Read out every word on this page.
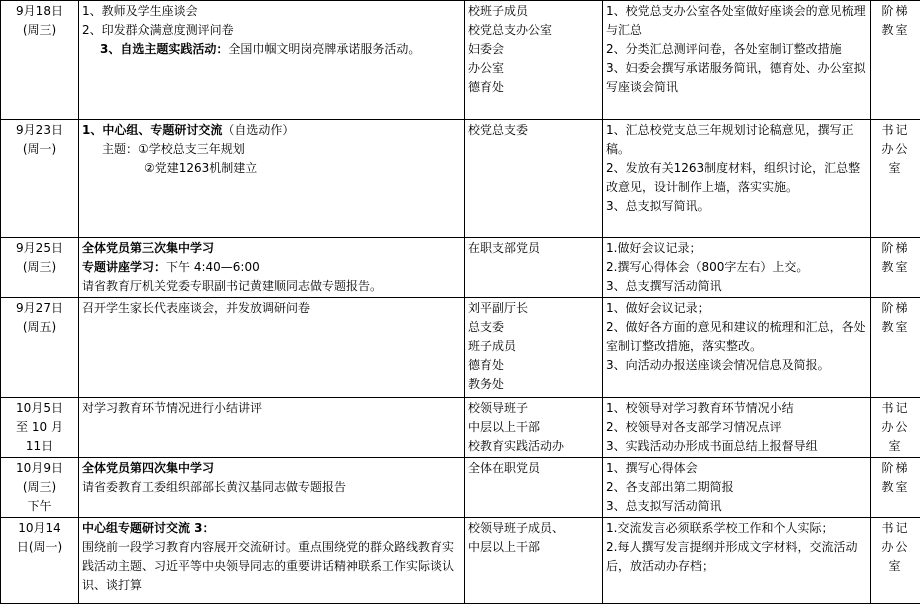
9月18日
(周三)	1、教师及学生座谈会
2、印发群众满意度测评问卷
3、自选主题实践活动：全国巾帼文明岗亮牌承诺服务活动。	校班子成员
校党总支办公室
妇委会
办公室
德育处	1、校党总支办公室各处室做好座谈会的意见梳理与汇总
2、分类汇总测评问卷，各处室制订整改措施
3、妇委会撰写承诺服务简讯，德育处、办公室拟写座谈会简讯	阶梯
教室

9月23日
(周一)	1、中心组、专题研讨交流（自选动作）
主题：①学校总支三年规划
②党建1263机制建立	校党总支委	1、汇总校党支总三年规划讨论稿意见，撰写正稿。
2、发放有关1263制度材料，组织讨论，汇总整改意见，设计制作上墙，落实实施。
3、总支拟写简讯。	书记
办公
室

9月25日
(周三)	全体党员第三次集中学习
专题讲座学习：下午 4:40—6:00
请省教育厅机关党委专职副书记黄建顺同志做专题报告。	在职支部党员	1.做好会议记录；
2.撰写心得体会（800字左右）上交。
3、总支撰写活动简讯	阶梯
教室

9月27日
(周五)	召开学生家长代表座谈会，并发放调研问卷	刘平副厅长
总支委
班子成员
德育处
教务处	1、做好会议记录；
2、做好各方面的意见和建议的梳理和汇总，各处室制订整改措施，落实整改。
3、向活动办报送座谈会情况信息及简报。	阶梯
教室

10月5日
至 10 月
11日	对学习教育环节情况进行小结讲评	校领导班子
中层以上干部
校教育实践活动办	1、校领导对学习教育环节情况小结
2、校领导对各支部学习情况点评
3、实践活动办形成书面总结上报督导组	书记
办公
室

10月9日
(周三)
下午	全体党员第四次集中学习
请省委教育工委组织部部长黄汉基同志做专题报告	全体在职党员	1、撰写心得体会
2、各支部出第二期简报
3、总支拟写活动简讯	阶梯
教室

10月14
日(周一)	中心组专题研讨交流 3：
围绕前一段学习教育内容展开交流研讨。重点围绕党的群众路线教育实践活动主题、习近平等中央领导同志的重要讲话精神联系工作实际谈认识、谈打算	校领导班子成员、
中层以上干部	1.交流发言必须联系学校工作和个人实际；
2.每人撰写发言提纲并形成文字材料，交流活动后，放活动办存档；	书记
办公
室
